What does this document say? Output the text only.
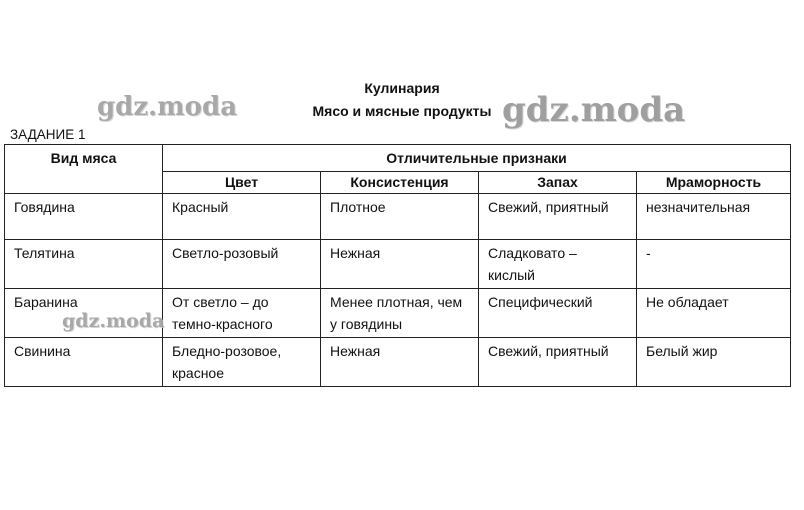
Кулинария
Мясо и мясные продукты
ЗАДАНИЕ 1
Вид мяса	Отличительные признаки			
	Цвет	Консистенция	Запах	Мраморность
Говядина	Красный	Плотное	Свежий, приятный	незначительная
Телятина	Светло-розовый	Нежная	Сладковато – кислый	-
Баранина	От светло – до темно-красного	Менее плотная, чем у говядины	Специфический	Не обладает
Свинина	Бледно-розовое, красное	Нежная	Свежий, приятный	Белый жир
gdz.moda	gdz.moda
gdz.moda
